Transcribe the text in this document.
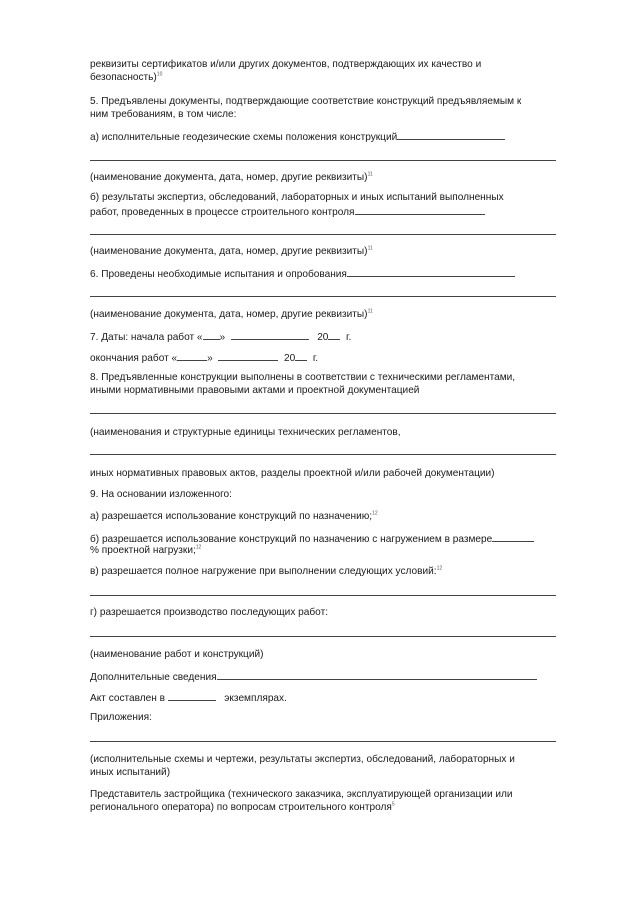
реквизиты сертификатов и/или других документов, подтверждающих их качество и
безопасность)$^{10}$
5. Предъявлены документы, подтверждающие соответствие конструкций предъявляемым к
ним требованиям, в том числе:
а) исполнительные геодезические схемы положения конструкций
(наименование документа, дата, номер, другие реквизиты)$^{11}$
б) результаты экспертиз, обследований, лабораторных и иных испытаний выполненных
работ, проведенных в процессе строительного контроля
(наименование документа, дата, номер, другие реквизиты)$^{11}$
6. Проведены необходимые испытания и опробования
(наименование документа, дата, номер, другие реквизиты)$^{11}$
7. Даты: начала работ « »	20 г.
окончания работ «	»	20 г.
8. Предъявленные конструкции выполнены в соответствии с техническими регламентами,
иными нормативными правовыми актами и проектной документацией
(наименования и структурные единицы технических регламентов,
иных нормативных правовых актов, разделы проектной и/или рабочей документации)
9. На основании изложенного:
а) разрешается использование конструкций по назначению;$^{12}$
б) разрешается использование конструкций по назначению с нагружением в размере
% проектной нагрузки;$^{12}$
в) разрешается полное нагружение при выполнении следующих условий:$^{12}$
г) разрешается производство последующих работ:
(наименование работ и конструкций)
Дополнительные сведения
Акт составлен в	экземплярах.
Приложения:
(исполнительные схемы и чертежи, результаты экспертиз, обследований, лабораторных и
иных испытаний)
Представитель застройщика (технического заказчика, эксплуатирующей организации или
регионального оператора) по вопросам строительного контроля$^5$
